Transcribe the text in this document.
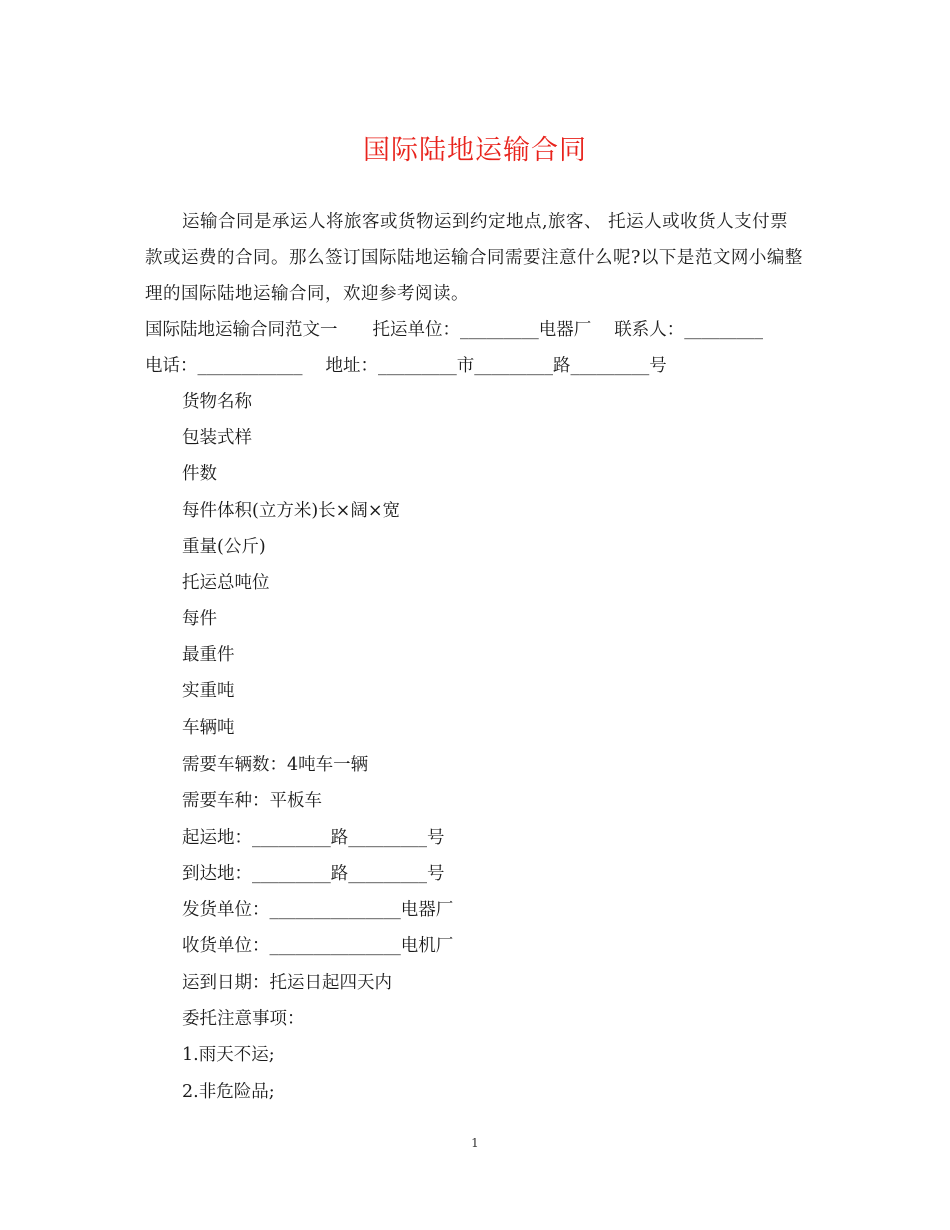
国际陆地运输合同
运输合同是承运人将旅客或货物运到约定地点,旅客、 托运人或收货人支付票款或运费的合同。那么签订国际陆地运输合同需要注意什么呢?以下是范文网小编整理的国际陆地运输合同，欢迎参考阅读。
国际陆地运输合同范文一　　托运单位：_________电器厂　 联系人：_________
电话：____________　 地址：_________市_________路_________号
货物名称
包装式样
件数
每件体积(立方米)长×阔×宽
重量(公斤)
托运总吨位
每件
最重件
实重吨
车辆吨
需要车辆数：4吨车一辆
需要车种：平板车
起运地：_________路_________号
到达地：_________路_________号
发货单位：_______________电器厂
收货单位：_______________电机厂
运到日期：托运日起四天内
委托注意事项：
1.雨天不运;
2.非危险品;
1
